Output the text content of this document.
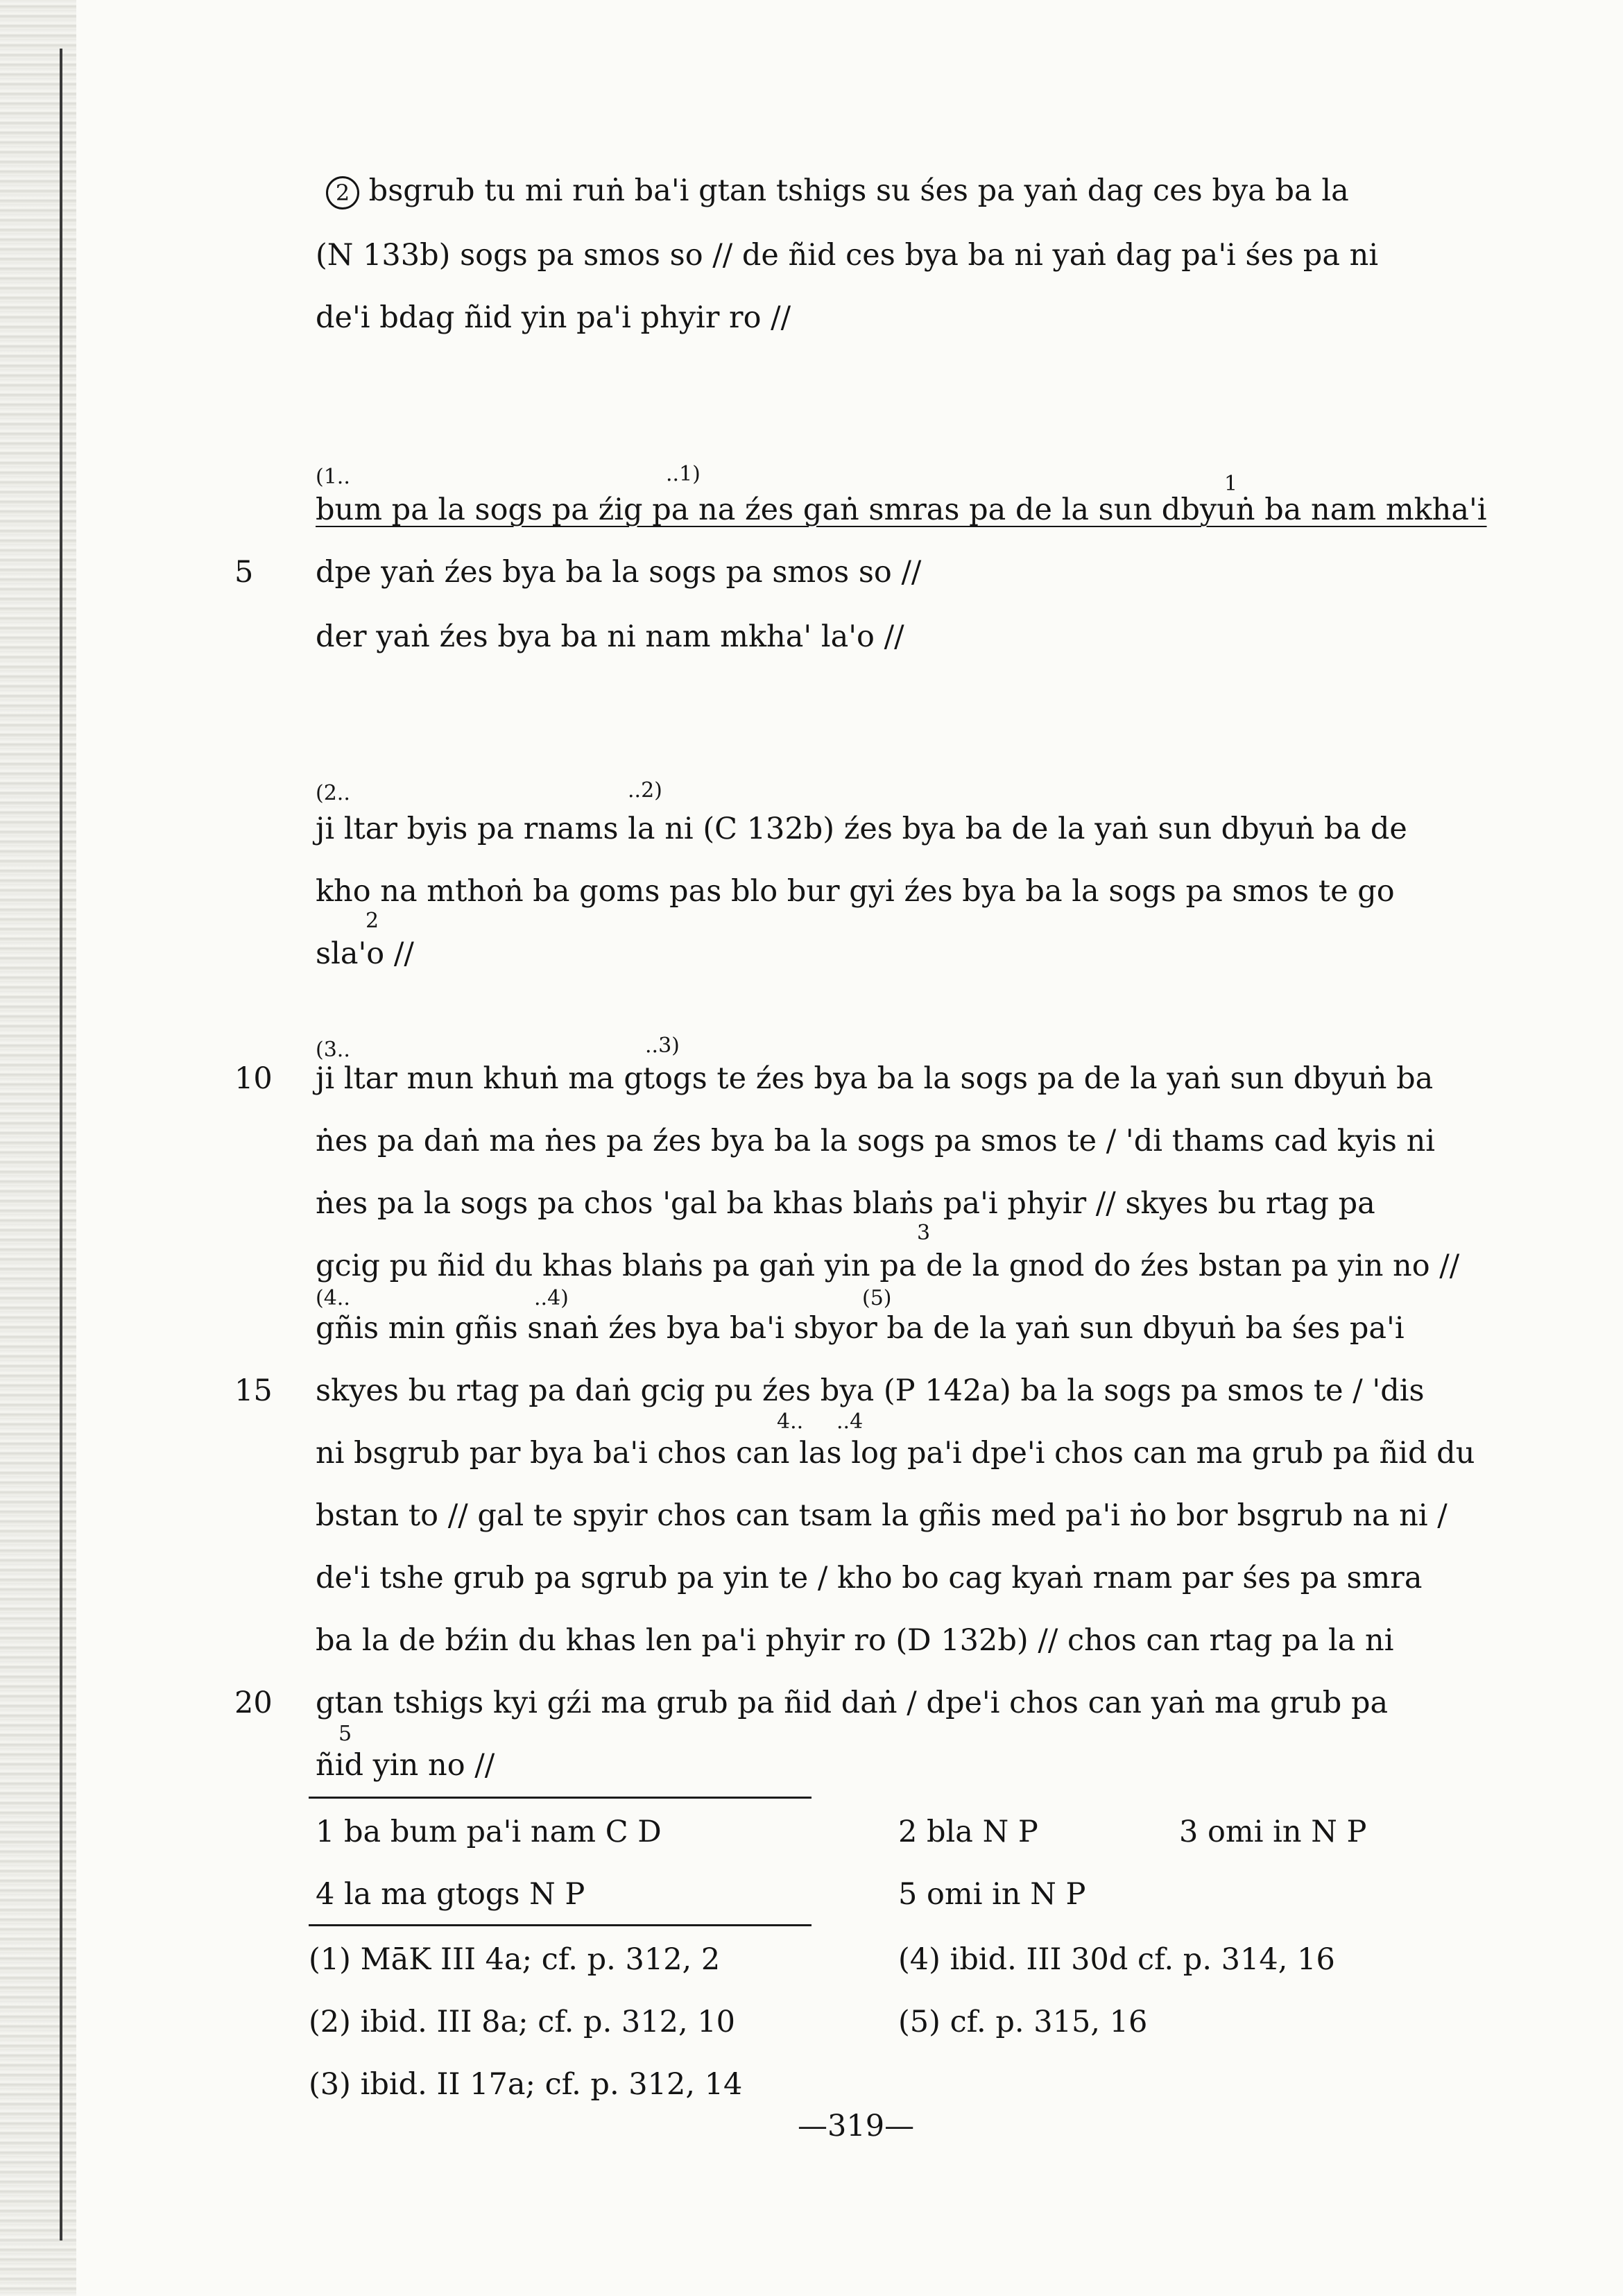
2 bsgrub tu mi ruṅ ba'i gtan tshigs su śes pa yaṅ dag ces bya ba la
(N 133b) sogs pa smos so // de ñid ces bya ba ni yaṅ dag pa'i śes pa ni
de'i bdag ñid yin pa'i phyir ro //
(1..	..1)	1
bum pa la sogs pa źig pa na źes gaṅ smras pa de la sun dbyuṅ ba nam mkha'i
5 dpe yaṅ źes bya ba la sogs pa smos so //
der yaṅ źes bya ba ni nam mkha' la'o //
(2..	..2)
ji ltar byis pa rnams la ni (C 132b) źes bya ba de la yaṅ sun dbyuṅ ba de
kho na mthoṅ ba goms pas blo bur gyi źes bya ba la sogs pa smos te go
2
sla'o //
(3..	..3)
10 ji ltar mun khuṅ ma gtogs te źes bya ba la sogs pa de la yaṅ sun dbyuṅ ba
ṅes pa daṅ ma ṅes pa źes bya ba la sogs pa smos te / 'di thams cad kyis ni
ṅes pa la sogs pa chos 'gal ba khas blaṅs pa'i phyir // skyes bu rtag pa
3
gcig pu ñid du khas blaṅs pa gaṅ yin pa de la gnod do źes bstan pa yin no //
(4..	..4)	(5)
gñis min gñis snaṅ źes bya ba'i sbyor ba de la yaṅ sun dbyuṅ ba śes pa'i
15 skyes bu rtag pa daṅ gcig pu źes bya (P 142a) ba la sogs pa smos te / 'dis
4.. ..4
ni bsgrub par bya ba'i chos can las log pa'i dpe'i chos can ma grub pa ñid du
bstan to // gal te spyir chos can tsam la gñis med pa'i ṅo bor bsgrub na ni /
de'i tshe grub pa sgrub pa yin te / kho bo cag kyaṅ rnam par śes pa smra
ba la de bźin du khas len pa'i phyir ro (D 132b) // chos can rtag pa la ni
20 gtan tshigs kyi gźi ma grub pa ñid daṅ / dpe'i chos can yaṅ ma grub pa
5
ñid yin no //
1 ba bum pa'i nam C D	2 bla N P	3 omi in N P
4 la ma gtogs N P	5 omi in N P
(1) MāK III 4a; cf. p. 312, 2	(4) ibid. III 30d cf. p. 314, 16
(2) ibid. III 8a; cf. p. 312, 10	(5) cf. p. 315, 16
(3) ibid. II 17a; cf. p. 312, 14
—319—
